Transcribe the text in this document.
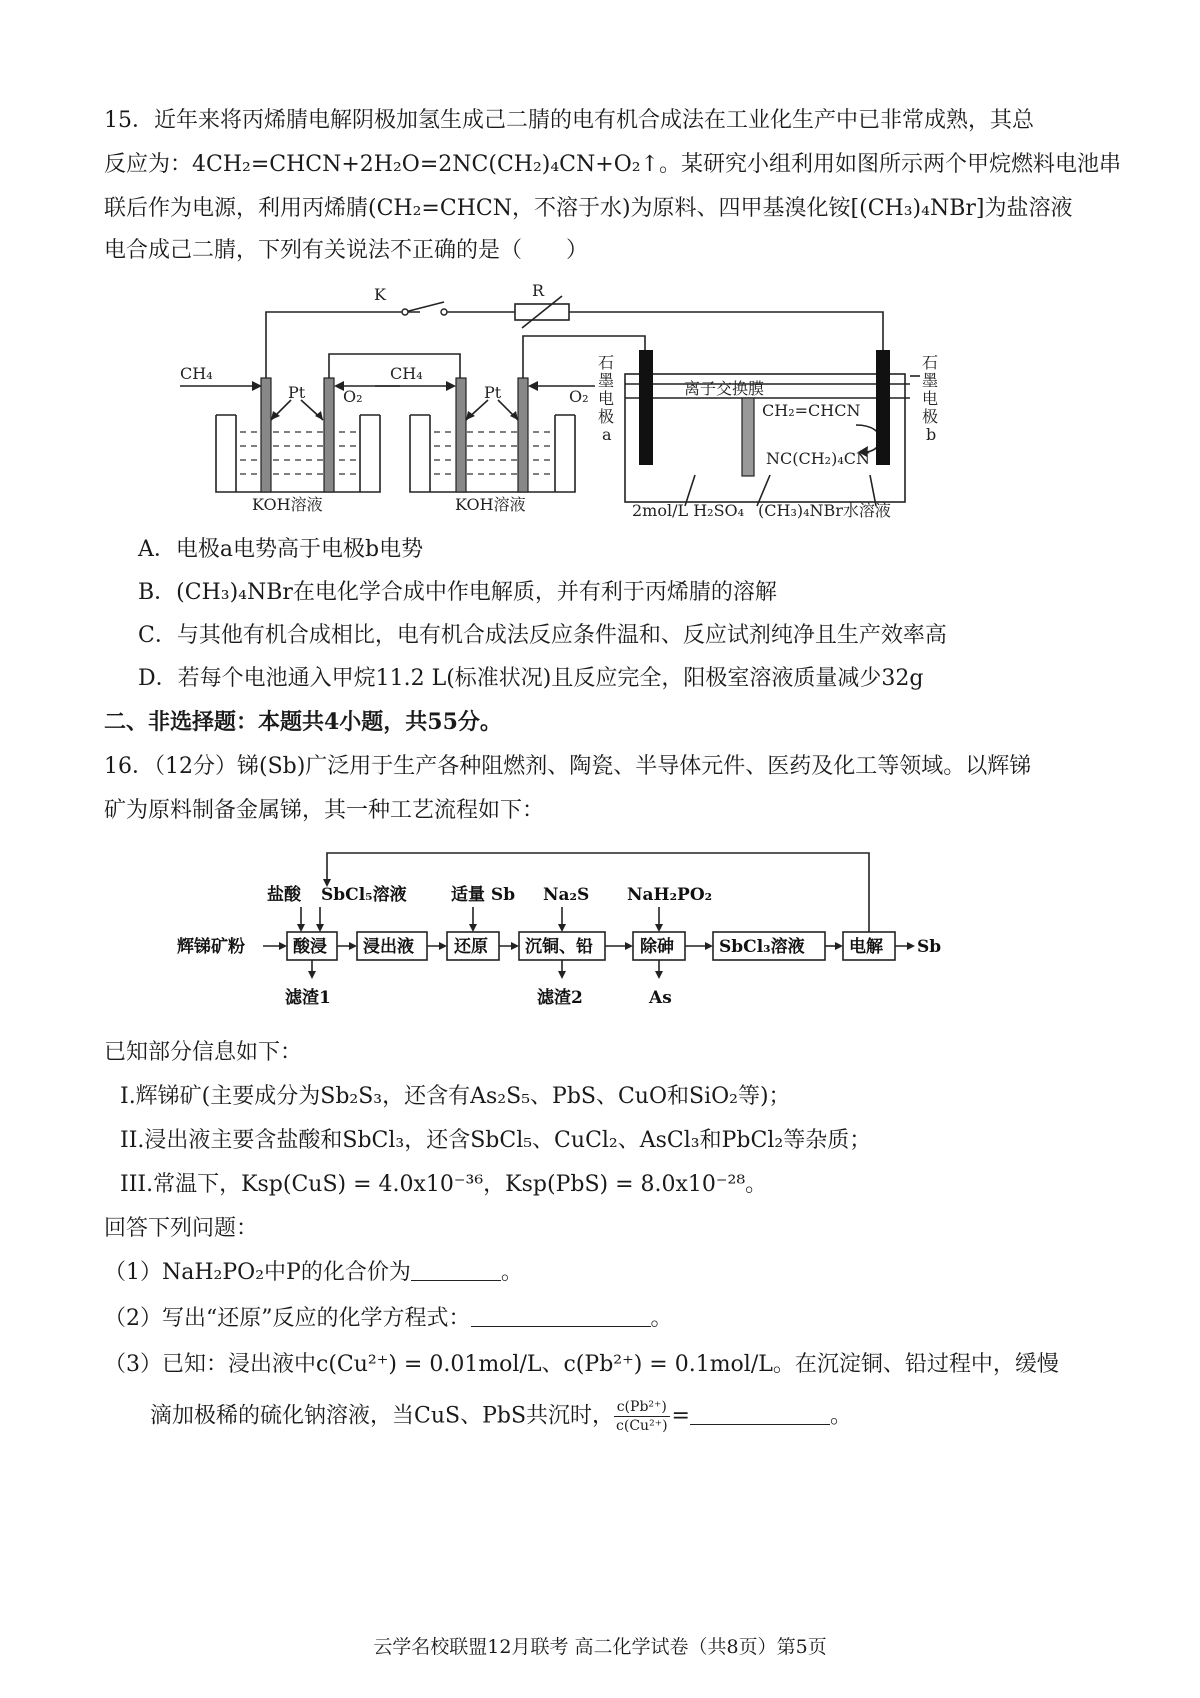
15．近年来将丙烯腈电解阴极加氢生成己二腈的电有机合成法在工业化生产中已非常成熟，其总
反应为：4CH₂=CHCN+2H₂O=2NC(CH₂)₄CN+O₂↑。某研究小组利用如图所示两个甲烷燃料电池串
联后作为电源，利用丙烯腈(CH₂=CHCN，不溶于水)为原料、四甲基溴化铵[(CH₃)₄NBr]为盐溶液
电合成己二腈，下列有关说法不正确的是（　　）
K	R
CH₄
Pt O₂
CH₄
Pt	O₂
KOH溶液	KOH溶液
离子交换膜
CH₂=CHCN
NC(CH₂)₄CN
2mol/L H₂SO₄ (CH₃)₄NBr水溶液
石
墨
电
极
a
石
墨
电
极
b
A．电极a电势高于电极b电势
B．(CH₃)₄NBr在电化学合成中作电解质，并有利于丙烯腈的溶解
C．与其他有机合成相比，电有机合成法反应条件温和、反应试剂纯净且生产效率高
D．若每个电池通入甲烷11.2 L(标准状况)且反应完全，阳极室溶液质量减少32g
二、非选择题：本题共4小题，共55分。
16．（12分）锑(Sb)广泛用于生产各种阻燃剂、陶瓷、半导体元件、医药及化工等领域。以辉锑
矿为原料制备金属锑，其一种工艺流程如下：
辉锑矿粉	酸浸 浸出液 还原 沉铜、铅	除砷	SbCl₃溶液	电解 Sb
盐酸 SbCl₅溶液	适量 Sb Na₂S NaH₂PO₂
滤渣1	滤渣2	As
已知部分信息如下：
I.辉锑矿(主要成分为Sb₂S₃，还含有As₂S₅、PbS、CuO和SiO₂等)；
II.浸出液主要含盐酸和SbCl₃，还含SbCl₅、CuCl₂、AsCl₃和PbCl₂等杂质；
III.常温下，Ksp(CuS) = 4.0x10⁻³⁶，Ksp(PbS) = 8.0x10⁻²⁸。
回答下列问题：
（1）NaH₂PO₂中P的化合价为	。
（2）写出“还原”反应的化学方程式：	。
（3）已知：浸出液中c(Cu²⁺) = 0.01mol/L、c(Pb²⁺) = 0.1mol/L。在沉淀铜、铅过程中，缓慢
滴加极稀的硫化钠溶液，当CuS、PbS共沉时， $\frac{\text{c(Pb²⁺)}}{\text{c(Cu²⁺)}}$ =	。
云学名校联盟12月联考 高二化学试卷（共8页）第5页
